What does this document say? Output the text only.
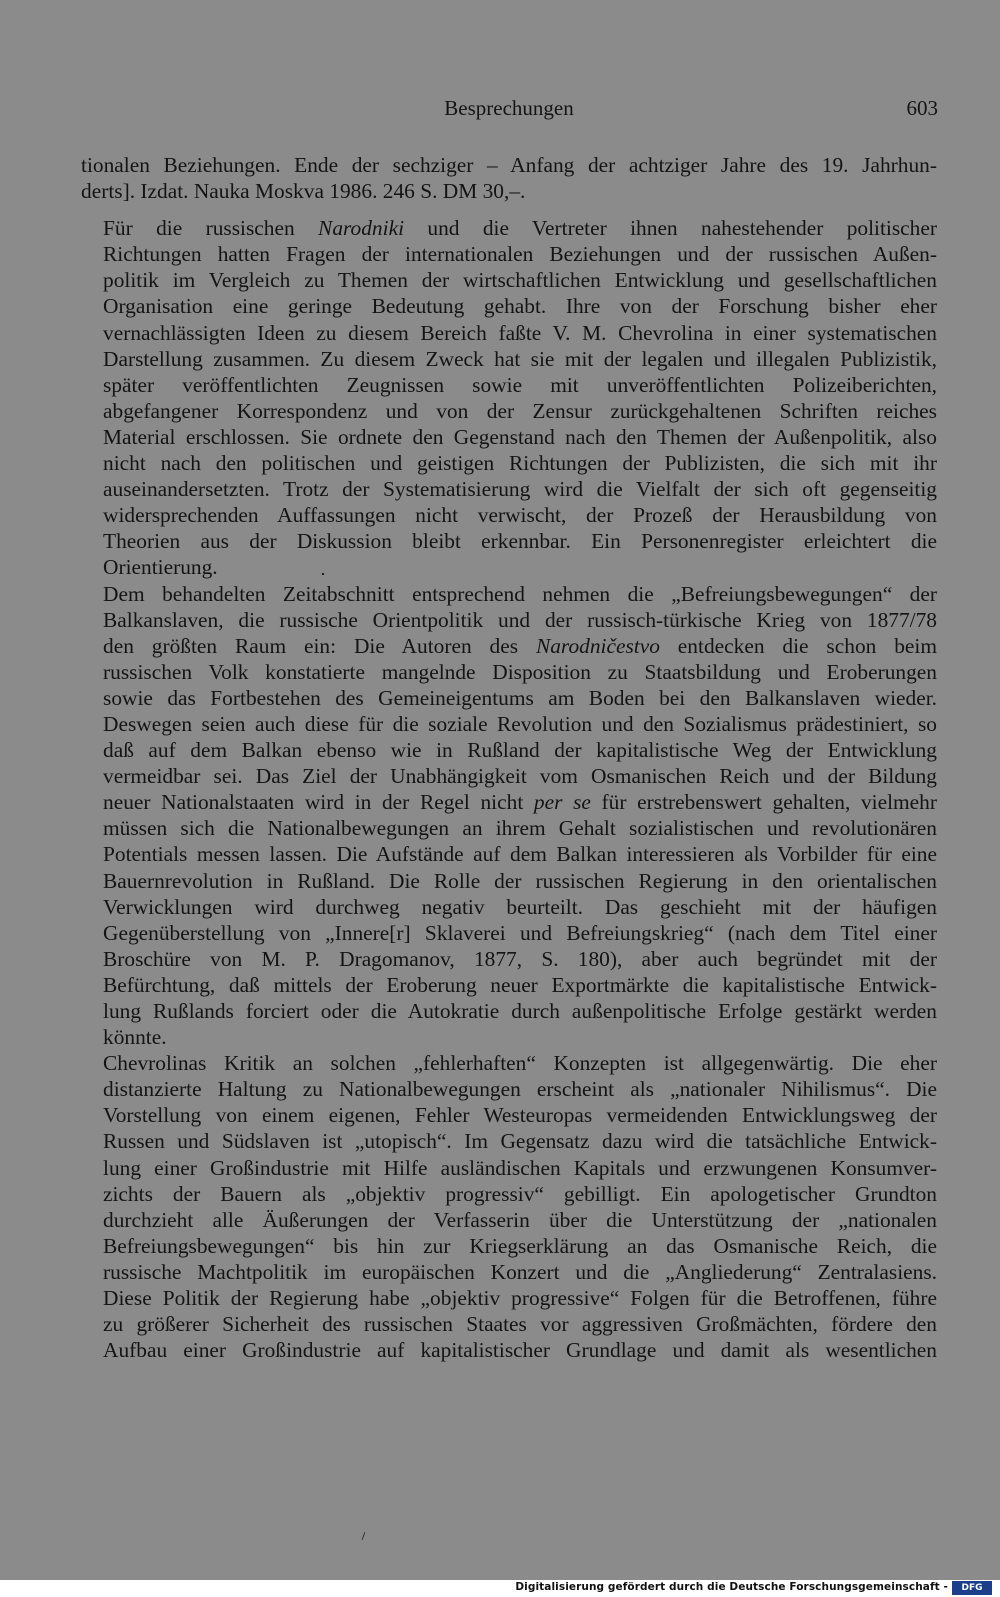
Besprechungen	603

tionalen Beziehungen. Ende der sechziger – Anfang der achtziger Jahre des 19. Jahrhun-
derts]. Izdat. Nauka Moskva 1986. 246 S. DM 30,–.

Für die russischen Narodniki und die Vertreter ihnen nahestehender politischer
Richtungen hatten Fragen der internationalen Beziehungen und der russischen Außen-
politik im Vergleich zu Themen der wirtschaftlichen Entwicklung und gesellschaftlichen
Organisation eine geringe Bedeutung gehabt. Ihre von der Forschung bisher eher
vernachlässigten Ideen zu diesem Bereich faßte V. M. Chevrolina in einer systematischen
Darstellung zusammen. Zu diesem Zweck hat sie mit der legalen und illegalen Publizistik,
später veröffentlichten Zeugnissen sowie mit unveröffentlichten Polizeiberichten,
abgefangener Korrespondenz und von der Zensur zurückgehaltenen Schriften reiches
Material erschlossen. Sie ordnete den Gegenstand nach den Themen der Außenpolitik, also
nicht nach den politischen und geistigen Richtungen der Publizisten, die sich mit ihr
auseinandersetzten. Trotz der Systematisierung wird die Vielfalt der sich oft gegenseitig
widersprechenden Auffassungen nicht verwischt, der Prozeß der Herausbildung von
Theorien aus der Diskussion bleibt erkennbar. Ein Personenregister erleichtert die
Orientierung.

Dem behandelten Zeitabschnitt entsprechend nehmen die „Befreiungsbewegungen“ der
Balkanslaven, die russische Orientpolitik und der russisch-türkische Krieg von 1877/78
den größten Raum ein: Die Autoren des Narodničestvo entdecken die schon beim
russischen Volk konstatierte mangelnde Disposition zu Staatsbildung und Eroberungen
sowie das Fortbestehen des Gemeineigentums am Boden bei den Balkanslaven wieder.
Deswegen seien auch diese für die soziale Revolution und den Sozialismus prädestiniert, so
daß auf dem Balkan ebenso wie in Rußland der kapitalistische Weg der Entwicklung
vermeidbar sei. Das Ziel der Unabhängigkeit vom Osmanischen Reich und der Bildung
neuer Nationalstaaten wird in der Regel nicht per se für erstrebenswert gehalten, vielmehr
müssen sich die Nationalbewegungen an ihrem Gehalt sozialistischen und revolutionären
Potentials messen lassen. Die Aufstände auf dem Balkan interessieren als Vorbilder für eine
Bauernrevolution in Rußland. Die Rolle der russischen Regierung in den orientalischen
Verwicklungen wird durchweg negativ beurteilt. Das geschieht mit der häufigen
Gegenüberstellung von „Innere[r] Sklaverei und Befreiungskrieg“ (nach dem Titel einer
Broschüre von M. P. Dragomanov, 1877, S. 180), aber auch begründet mit der
Befürchtung, daß mittels der Eroberung neuer Exportmärkte die kapitalistische Entwick-
lung Rußlands forciert oder die Autokratie durch außenpolitische Erfolge gestärkt werden
könnte.

Chevrolinas Kritik an solchen „fehlerhaften“ Konzepten ist allgegenwärtig. Die eher
distanzierte Haltung zu Nationalbewegungen erscheint als „nationaler Nihilismus“. Die
Vorstellung von einem eigenen, Fehler Westeuropas vermeidenden Entwicklungsweg der
Russen und Südslaven ist „utopisch“. Im Gegensatz dazu wird die tatsächliche Entwick-
lung einer Großindustrie mit Hilfe ausländischen Kapitals und erzwungenen Konsumver-
zichts der Bauern als „objektiv progressiv“ gebilligt. Ein apologetischer Grundton
durchzieht alle Äußerungen der Verfasserin über die Unterstützung der „nationalen
Befreiungsbewegungen“ bis hin zur Kriegserklärung an das Osmanische Reich, die
russische Machtpolitik im europäischen Konzert und die „Angliederung“ Zentralasiens.
Diese Politik der Regierung habe „objektiv progressive“ Folgen für die Betroffenen, führe
zu größerer Sicherheit des russischen Staates vor aggressiven Großmächten, fördere den
Aufbau einer Großindustrie auf kapitalistischer Grundlage und damit als wesentlichen

Digitalisierung gefördert durch die Deutsche Forschungsgemeinschaft -	DFG
